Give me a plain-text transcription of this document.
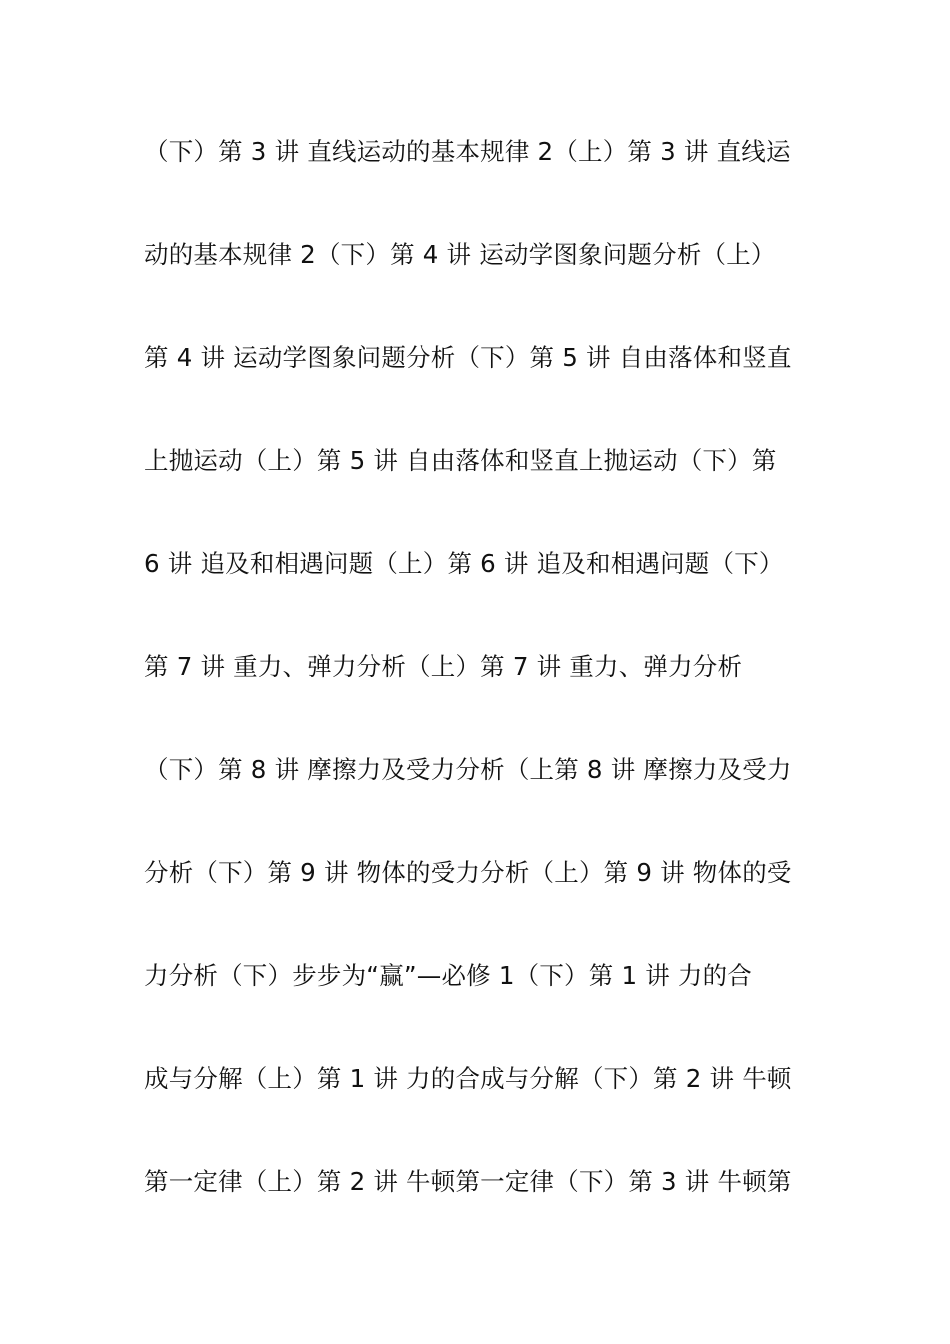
（下）第 3 讲 直线运动的基本规律 2（上）第 3 讲 直线运
动的基本规律 2（下）第 4 讲 运动学图象问题分析（上）
第 4 讲 运动学图象问题分析（下）第 5 讲 自由落体和竖直
上抛运动（上）第 5 讲 自由落体和竖直上抛运动（下）第
6 讲 追及和相遇问题（上）第 6 讲 追及和相遇问题（下）
第 7 讲 重力、弹力分析（上）第 7 讲 重力、弹力分析
（下）第 8 讲 摩擦力及受力分析（上第 8 讲 摩擦力及受力
分析（下）第 9 讲 物体的受力分析（上）第 9 讲 物体的受
力分析（下）步步为“赢”—必修 1（下）第 1 讲 力的合
成与分解（上）第 1 讲 力的合成与分解（下）第 2 讲 牛顿
第一定律（上）第 2 讲 牛顿第一定律（下）第 3 讲 牛顿第
